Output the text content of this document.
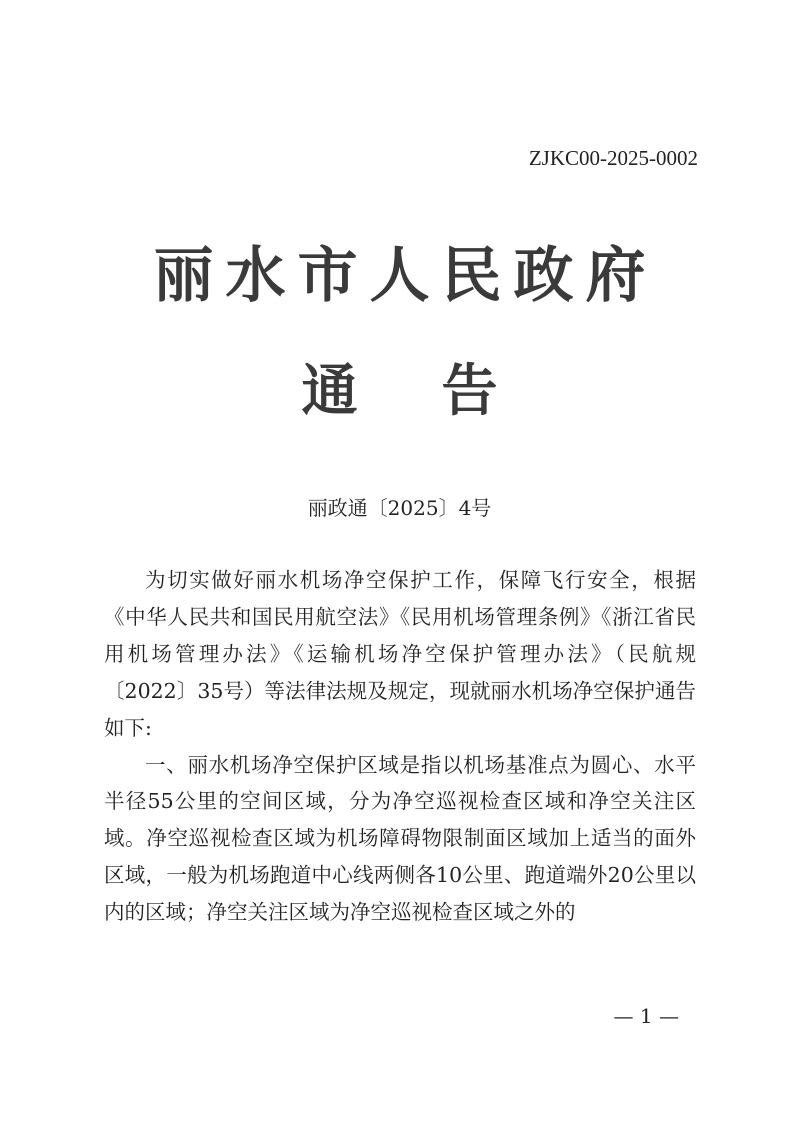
ZJKC00-2025-0002
丽水市人民政府
通告
丽政通〔2025〕4号

为切实做好丽水机场净空保护工作，保障飞行安全，根据《中华人民共和国民用航空法》《民用机场管理条例》《浙江省民用机场管理办法》《运输机场净空保护管理办法》（民航规〔2022〕35号）等法律法规及规定，现就丽水机场净空保护通告如下:

一、丽水机场净空保护区域是指以机场基准点为圆心、水平半径55公里的空间区域，分为净空巡视检查区域和净空关注区域。净空巡视检查区域为机场障碍物限制面区域加上适当的面外区域，一般为机场跑道中心线两侧各10公里、跑道端外20公里以内的区域；净空关注区域为净空巡视检查区域之外的

— 1 —
